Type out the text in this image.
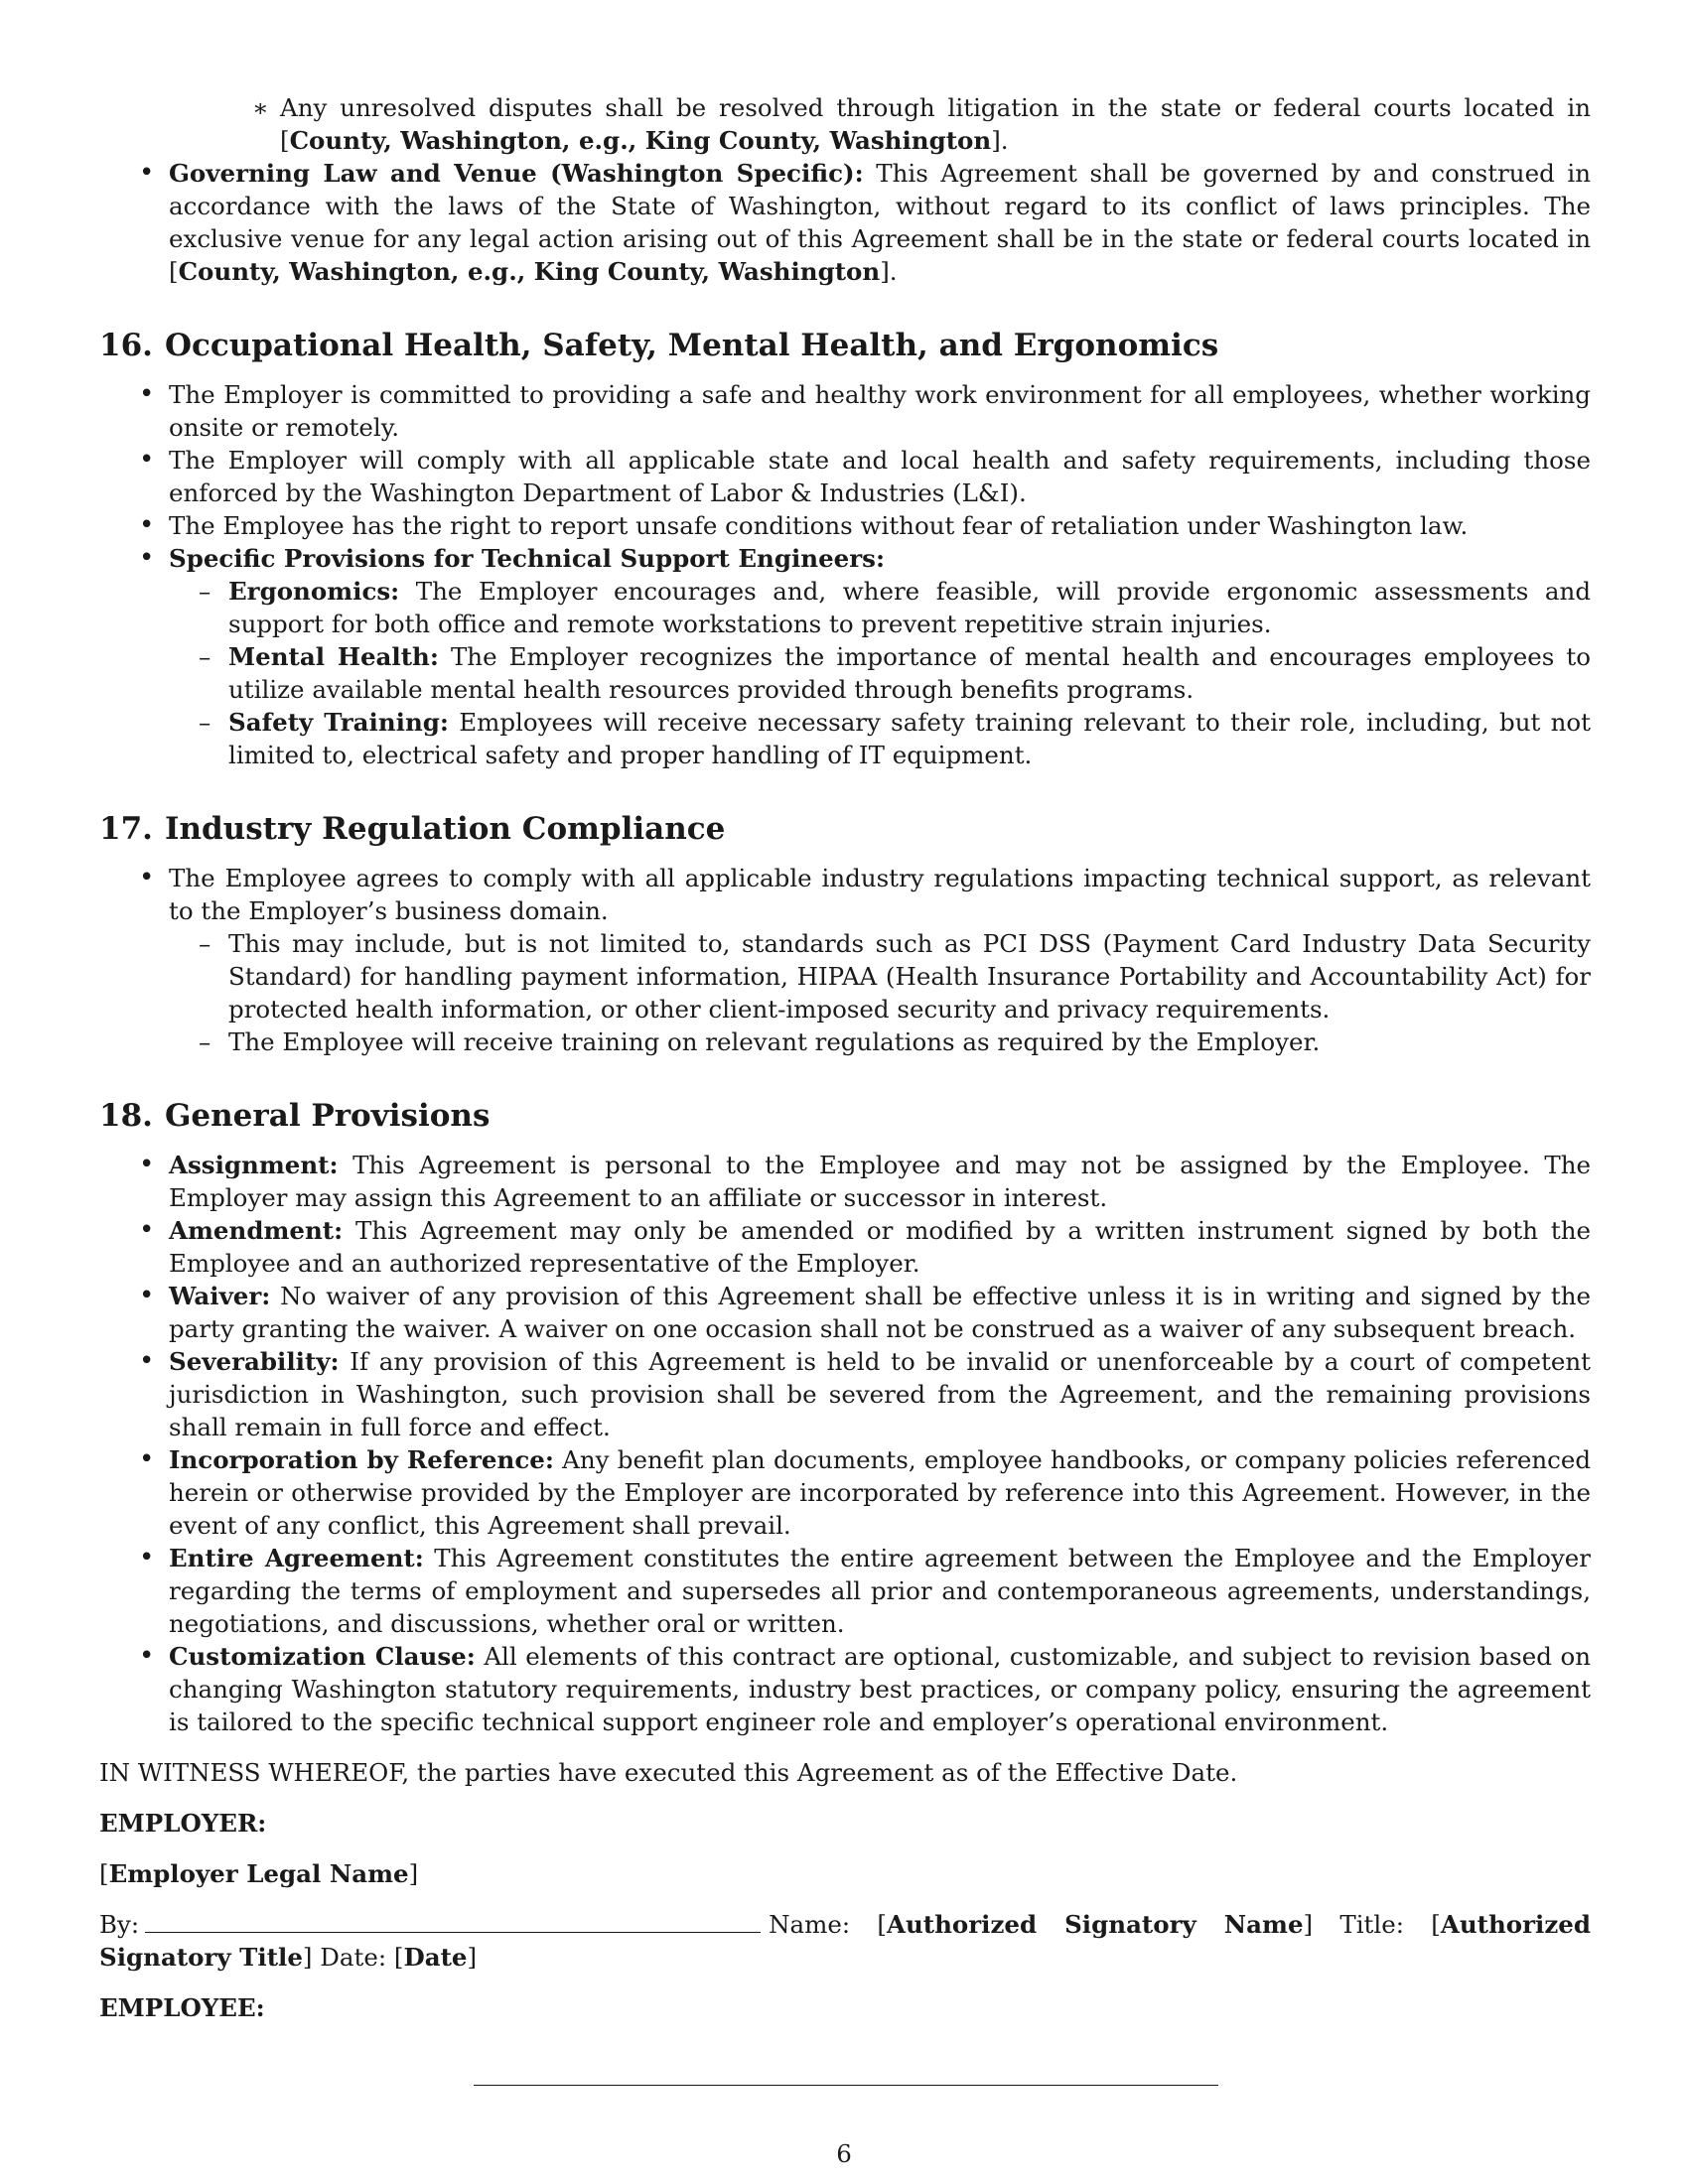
∗ Any unresolved disputes shall be resolved through litigation in the state or federal courts located in [County, Washington, e.g., King County, Washington].
• Governing Law and Venue (Washington Specific): This Agreement shall be governed by and construed in accordance with the laws of the State of Washington, without regard to its conflict of laws principles. The exclusive venue for any legal action arising out of this Agreement shall be in the state or federal courts located in [County, Washington, e.g., King County, Washington].
16. Occupational Health, Safety, Mental Health, and Ergonomics
• The Employer is committed to providing a safe and healthy work environment for all employees, whether working onsite or remotely.
• The Employer will comply with all applicable state and local health and safety requirements, including those enforced by the Washington Department of Labor & Industries (L&I).
• The Employee has the right to report unsafe conditions without fear of retaliation under Washington law.
• Specific Provisions for Technical Support Engineers:
– Ergonomics: The Employer encourages and, where feasible, will provide ergonomic assessments and support for both office and remote workstations to prevent repetitive strain injuries.
– Mental Health: The Employer recognizes the importance of mental health and encourages employees to utilize available mental health resources provided through benefits programs.
– Safety Training: Employees will receive necessary safety training relevant to their role, including, but not limited to, electrical safety and proper handling of IT equipment.
17. Industry Regulation Compliance
• The Employee agrees to comply with all applicable industry regulations impacting technical support, as relevant to the Employer’s business domain.
– This may include, but is not limited to, standards such as PCI DSS (Payment Card Industry Data Security Standard) for handling payment information, HIPAA (Health Insurance Portability and Accountability Act) for protected health information, or other client-imposed security and privacy requirements.
– The Employee will receive training on relevant regulations as required by the Employer.
18. General Provisions
• Assignment: This Agreement is personal to the Employee and may not be assigned by the Employee. The Employer may assign this Agreement to an affiliate or successor in interest.
• Amendment: This Agreement may only be amended or modified by a written instrument signed by both the Employee and an authorized representative of the Employer.
• Waiver: No waiver of any provision of this Agreement shall be effective unless it is in writing and signed by the party granting the waiver. A waiver on one occasion shall not be construed as a waiver of any subsequent breach.
• Severability: If any provision of this Agreement is held to be invalid or unenforceable by a court of competent jurisdiction in Washington, such provision shall be severed from the Agreement, and the remaining provisions shall remain in full force and effect.
• Incorporation by Reference: Any benefit plan documents, employee handbooks, or company policies referenced herein or otherwise provided by the Employer are incorporated by reference into this Agreement. However, in the event of any conflict, this Agreement shall prevail.
• Entire Agreement: This Agreement constitutes the entire agreement between the Employee and the Employer regarding the terms of employment and supersedes all prior and contemporaneous agreements, understandings, negotiations, and discussions, whether oral or written.
• Customization Clause: All elements of this contract are optional, customizable, and subject to revision based on changing Washington statutory requirements, industry best practices, or company policy, ensuring the agreement is tailored to the specific technical support engineer role and employer’s operational environment.

IN WITNESS WHEREOF, the parties have executed this Agreement as of the Effective Date.

EMPLOYER:

[Employer Legal Name]

By:	Name: [Authorized Signatory Name] Title: [Authorized Signatory Title] Date: [Date]

EMPLOYEE:

6
